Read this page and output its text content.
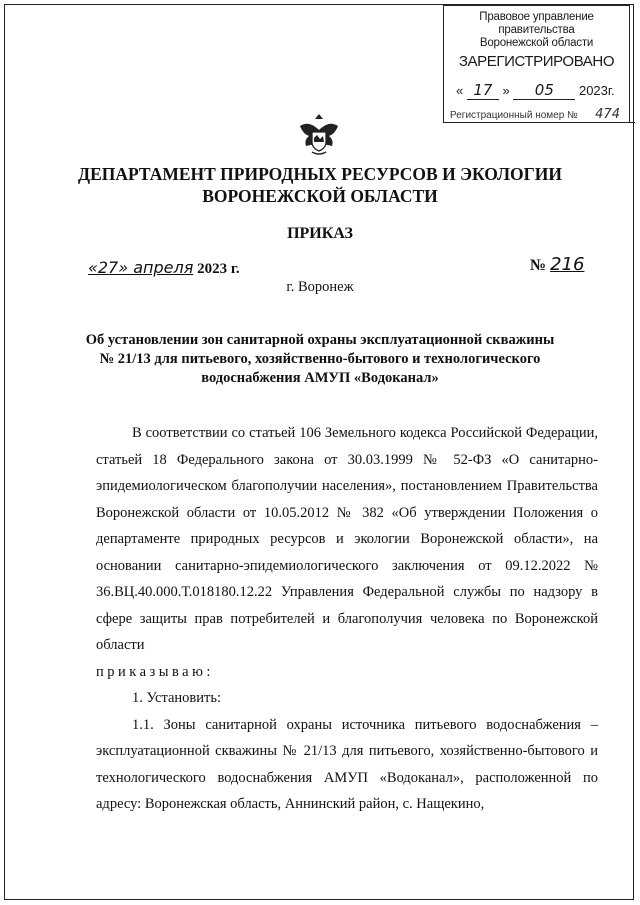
Правовое управление правительства
Воронежской области
ЗАРЕГИСТРИРОВАНО
« 17 » 05 2023г.
Регистрационный номер № 474
ДЕПАРТАМЕНТ ПРИРОДНЫХ РЕСУРСОВ И ЭКОЛОГИИ
ВОРОНЕЖСКОЙ ОБЛАСТИ
ПРИКАЗ
«27» апреля 2023 г.	№ 216
г. Воронеж
Об установлении зон санитарной охраны эксплуатационной скважины № 21/13 для питьевого, хозяйственно-бытового и технологического водоснабжения АМУП «Водоканал»

В соответствии со статьей 106 Земельного кодекса Российской Федерации, статьей 18 Федерального закона от 30.03.1999 № 52-ФЗ «О санитарно-эпидемиологическом благополучии населения», постановлением Правительства Воронежской области от 10.05.2012 № 382 «Об утверждении Положения о департаменте природных ресурсов и экологии Воронежской области», на основании санитарно-эпидемиологического заключения от 09.12.2022 № 36.ВЦ.40.000.Т.018180.12.22 Управления Федеральной службы по надзору в сфере защиты прав потребителей и благополучия человека по Воронежской области

приказываю:

1. Установить:

1.1. Зоны санитарной охраны источника питьевого водоснабжения – эксплуатационной скважины № 21/13 для питьевого, хозяйственно-бытового и технологического водоснабжения АМУП «Водоканал», расположенной по адресу: Воронежская область, Аннинский район, с. Нащекино,
